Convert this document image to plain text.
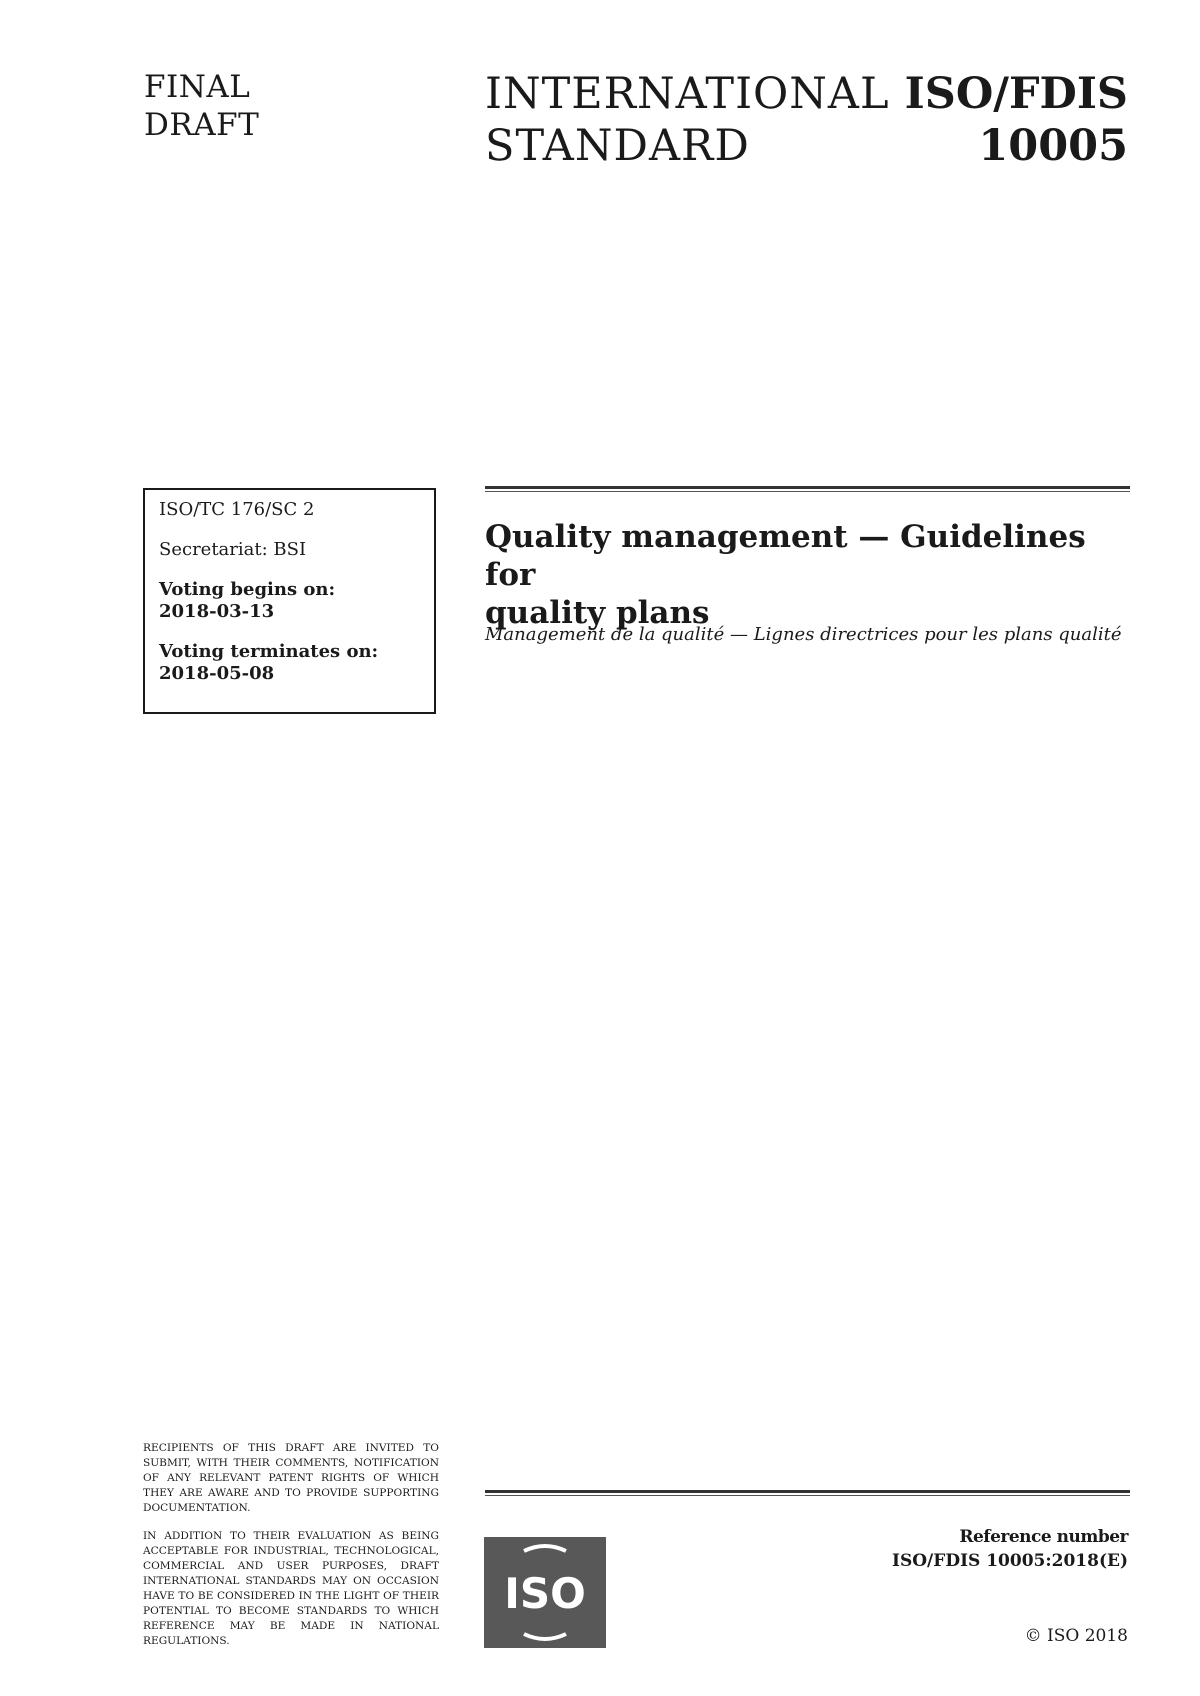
FINAL
DRAFT
INTERNATIONAL
STANDARD
ISO/FDIS
10005
ISO/TC 176/SC 2
Secretariat: BSI
Voting begins on:
2018-03-13
Voting terminates on:
2018-05-08
Quality management — Guidelines for
quality plans
Management de la qualité — Lignes directrices pour les plans qualité
RECIPIENTS OF THIS DRAFT ARE INVITED TO SUBMIT, WITH THEIR COMMENTS, NOTIFICATION OF ANY RELEVANT PATENT RIGHTS OF WHICH THEY ARE AWARE AND TO PROVIDE SUPPORTING DOCUMENTATION.
IN ADDITION TO THEIR EVALUATION AS BEING ACCEPTABLE FOR INDUSTRIAL, TECHNOLOGICAL, COMMERCIAL AND USER PURPOSES, DRAFT INTERNATIONAL STANDARDS MAY ON OCCASION HAVE TO BE CONSIDERED IN THE LIGHT OF THEIR POTENTIAL TO BECOME STANDARDS TO WHICH REFERENCE MAY BE MADE IN NATIONAL REGULATIONS.
ISO
Reference number
ISO/FDIS 10005:2018(E)
© ISO 2018
